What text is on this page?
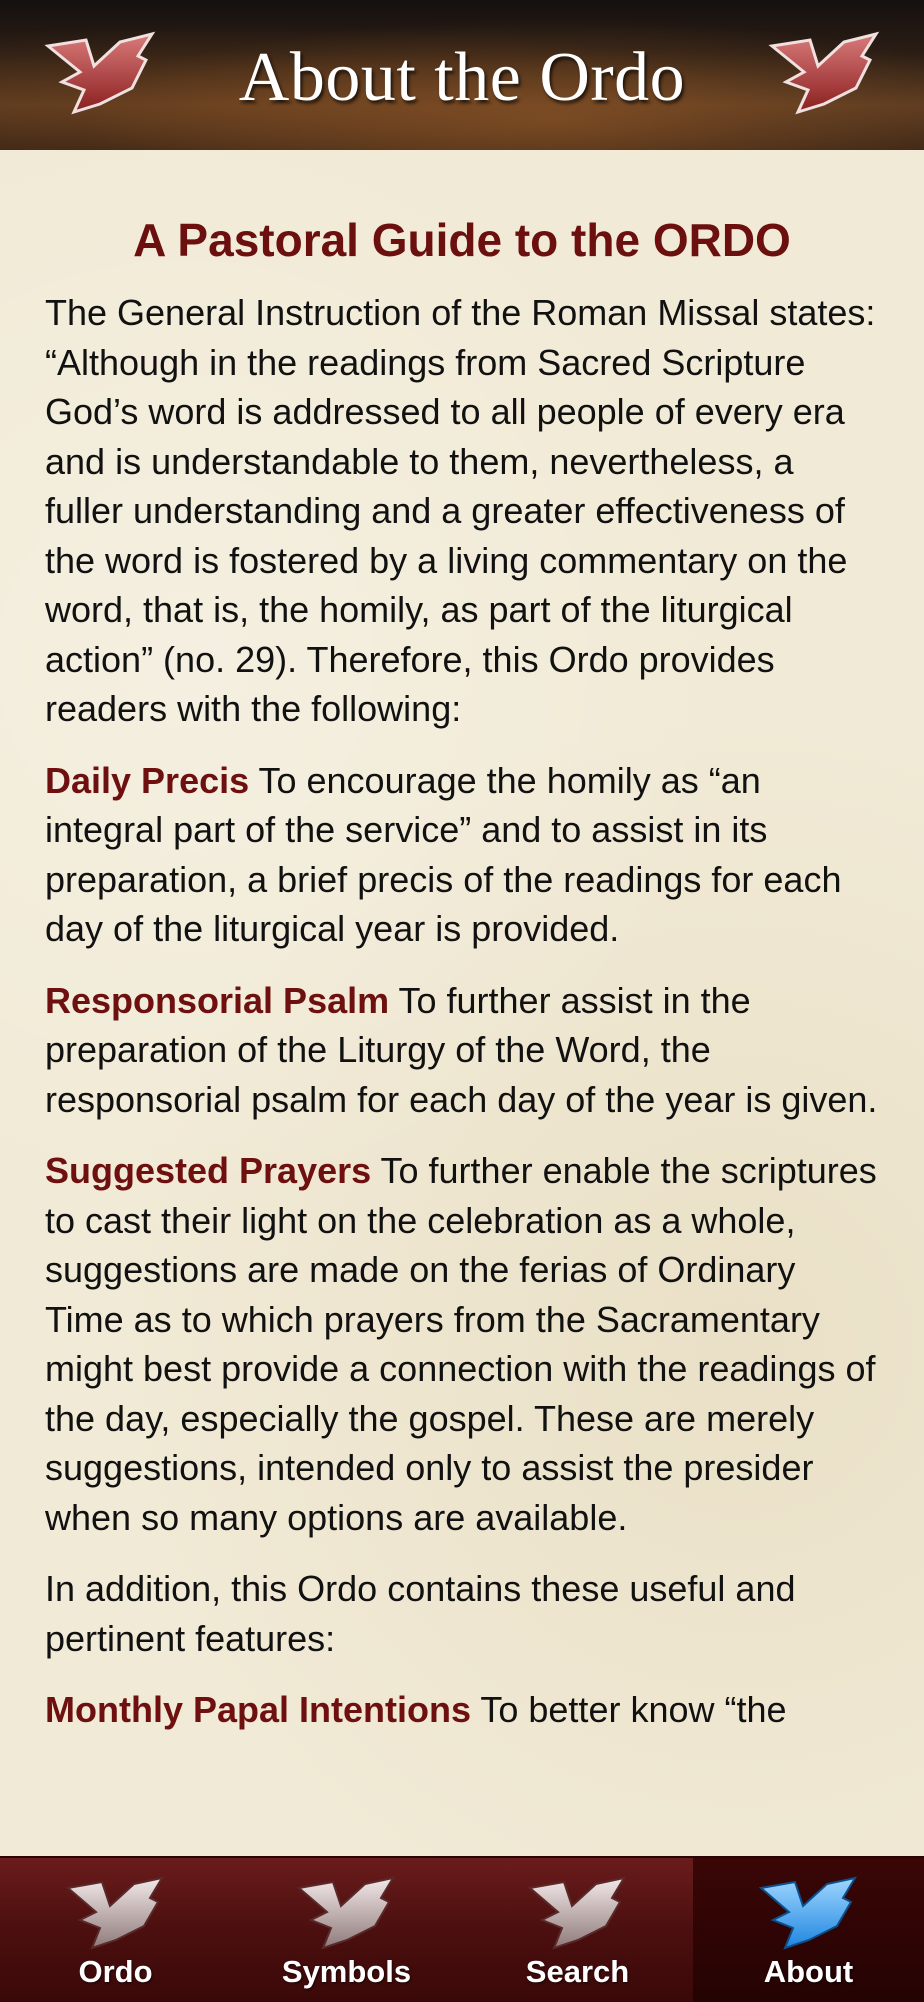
About the Ordo
A Pastoral Guide to the ORDO

The General Instruction of the Roman Missal states: “Although in the readings from Sacred Scripture God’s word is addressed to all people of every era and is understandable to them, nevertheless, a fuller understanding and a greater effectiveness of the word is fostered by a living commentary on the word, that is, the homily, as part of the liturgical action” (no. 29). Therefore, this Ordo provides readers with the following:

Daily Precis To encourage the homily as “an integral part of the service” and to assist in its preparation, a brief precis of the readings for each day of the liturgical year is provided.

Responsorial Psalm To further assist in the preparation of the Liturgy of the Word, the responsorial psalm for each day of the year is given.

Suggested Prayers To further enable the scriptures to cast their light on the celebration as a whole, suggestions are made on the ferias of Ordinary Time as to which prayers from the Sacramentary might best provide a connection with the readings of the day, especially the gospel. These are merely suggestions, intended only to assist the presider when so many options are available.

In addition, this Ordo contains these useful and pertinent features:

Monthly Papal Intentions To better know “the

Ordo	Symbols	Search	About
